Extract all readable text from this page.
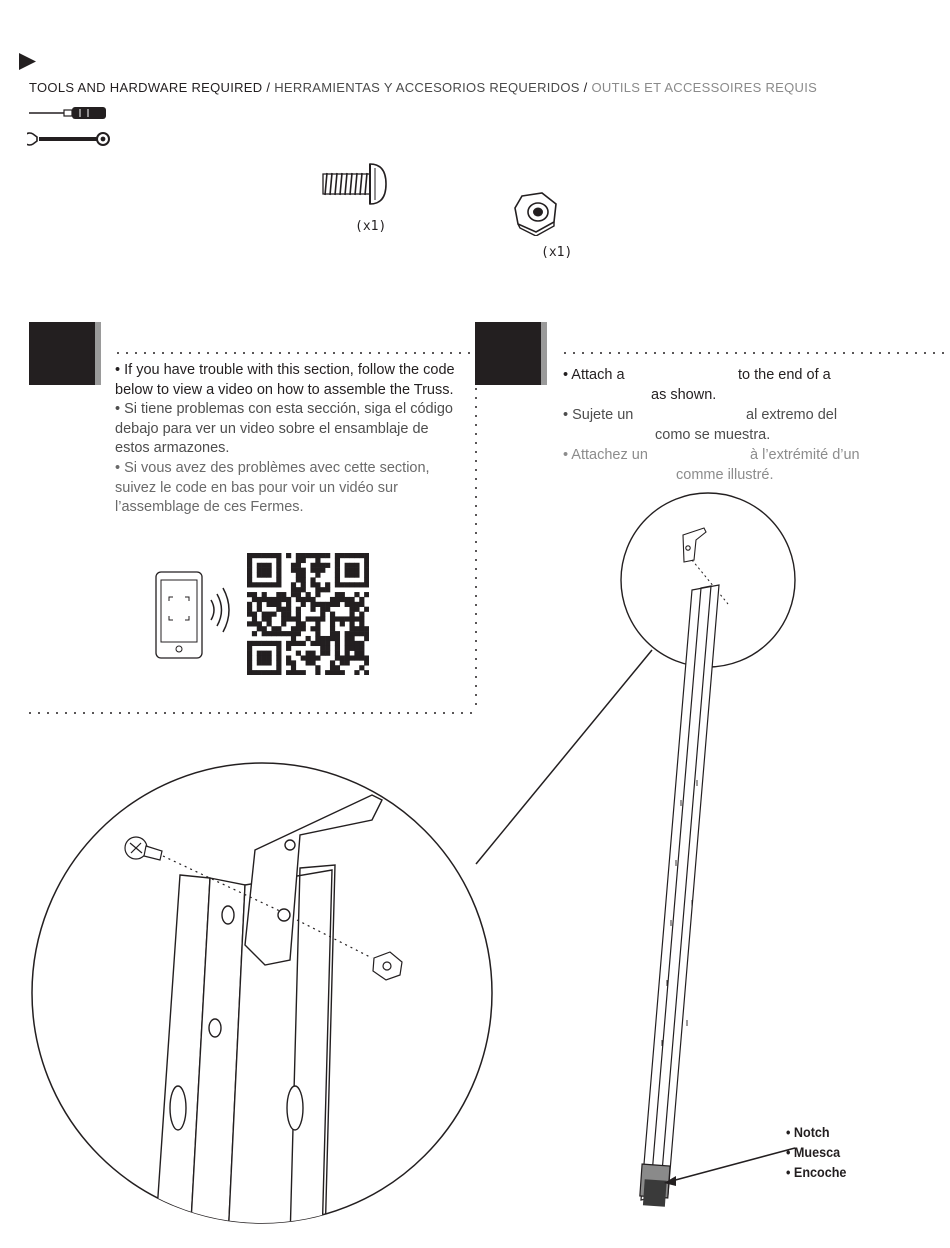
TOOLS AND HARDWARE REQUIRED / HERRAMIENTAS Y ACCESORIOS REQUERIDOS / OUTILS ET ACCESSOIRES REQUIS
(x1)
(x1)
• If you have trouble with this section, follow the code below to view a video on how to assemble the Truss.
• Si tiene problemas con esta sección, siga el código debajo para ver un video sobre el ensamblaje de estos armazones.
• Si vous avez des problèmes avec cette section, suivez le code en bas pour voir un vidéo sur l’assemblage de ces Fermes.
• Attach a	to the end of a
as shown.
• Sujete un	al extremo del
como se muestra.
• Attachez un	à l’extrémité d’un
comme illustré.
• Notch
• Muesca
• Encoche
